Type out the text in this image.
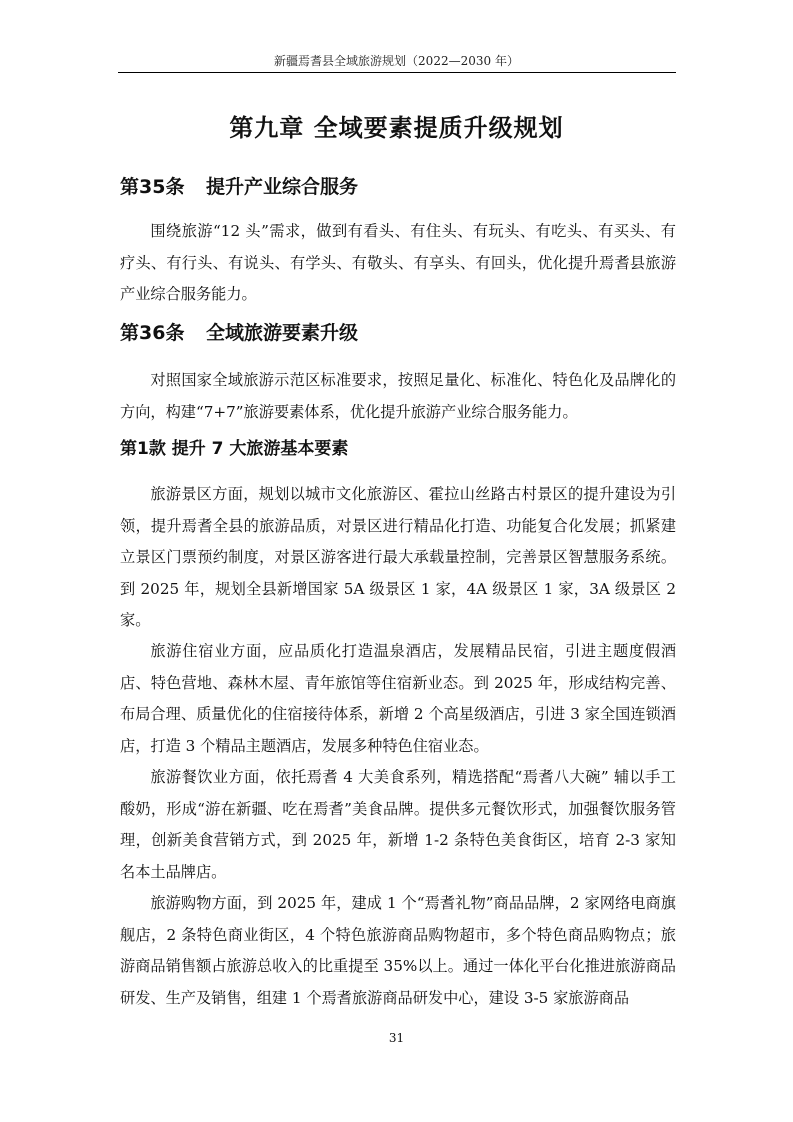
新疆焉耆县全域旅游规划（2022—2030 年）
第九章 全域要素提质升级规划
第35条 提升产业综合服务

围绕旅游“12 头”需求，做到有看头、有住头、有玩头、有吃头、有买头、有疗头、有行头、有说头、有学头、有敬头、有享头、有回头，优化提升焉耆县旅游产业综合服务能力。

第36条 全域旅游要素升级

对照国家全域旅游示范区标准要求，按照足量化、标准化、特色化及品牌化的方向，构建“7+7”旅游要素体系，优化提升旅游产业综合服务能力。

第1款 提升 7 大旅游基本要素

旅游景区方面，规划以城市文化旅游区、霍拉山丝路古村景区的提升建设为引领，提升焉耆全县的旅游品质，对景区进行精品化打造、功能复合化发展；抓紧建立景区门票预约制度，对景区游客进行最大承载量控制，完善景区智慧服务系统。到 2025 年，规划全县新增国家 5A 级景区 1 家，4A 级景区 1 家，3A 级景区 2 家。

旅游住宿业方面，应品质化打造温泉酒店，发展精品民宿，引进主题度假酒店、特色营地、森林木屋、青年旅馆等住宿新业态。到 2025 年，形成结构完善、布局合理、质量优化的住宿接待体系，新增 2 个高星级酒店，引进 3 家全国连锁酒店，打造 3 个精品主题酒店，发展多种特色住宿业态。

旅游餐饮业方面，依托焉耆 4 大美食系列，精选搭配“焉耆八大碗” 辅以手工酸奶，形成“游在新疆、吃在焉耆”美食品牌。提供多元餐饮形式，加强餐饮服务管理，创新美食营销方式，到 2025 年，新增 1-2 条特色美食街区，培育 2-3 家知名本土品牌店。

旅游购物方面，到 2025 年，建成 1 个“焉耆礼物”商品品牌，2 家网络电商旗舰店，2 条特色商业街区，4 个特色旅游商品购物超市，多个特色商品购物点；旅游商品销售额占旅游总收入的比重提至 35%以上。通过一体化平台化推进旅游商品研发、生产及销售，组建 1 个焉耆旅游商品研发中心，建设 3-5 家旅游商品

31
